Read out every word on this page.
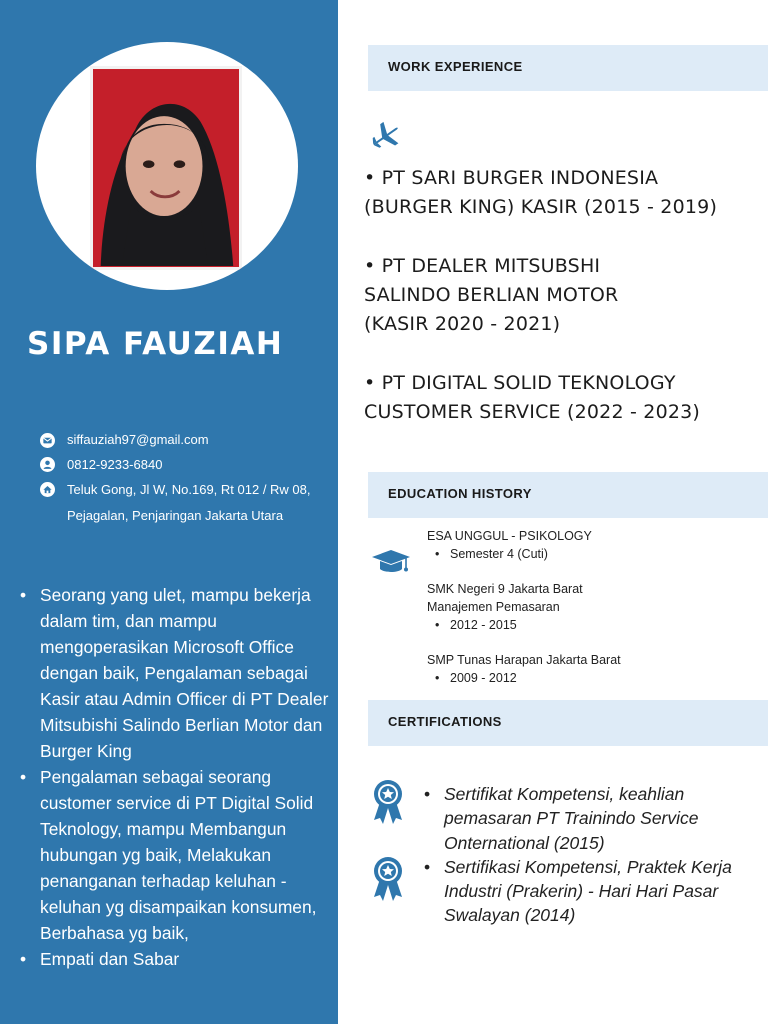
SIPA FAUZIAH
siffauziah97@gmail.com
0812-9233-6840
Teluk Gong, Jl W, No.169, Rt 012 / Rw 08,
Pejagalan, Penjaringan Jakarta Utara
• Seorang yang ulet, mampu bekerja dalam tim, dan mampu mengoperasikan Microsoft Office dengan baik, Pengalaman sebagai Kasir atau Admin Officer di PT Dealer Mitsubishi Salindo Berlian Motor dan Burger King
• Pengalaman sebagai seorang customer service di PT Digital Solid Teknology, mampu Membangun hubungan yg baik, Melakukan penanganan terhadap keluhan - keluhan yg disampaikan konsumen, Berbahasa yg baik,
• Empati dan Sabar
WORK EXPERIENCE
• PT SARI BURGER INDONESIA
(BURGER KING) KASIR (2015 - 2019)
• PT DEALER MITSUBSHI
SALINDO BERLIAN MOTOR
(KASIR 2020 - 2021)
• PT DIGITAL SOLID TEKNOLOGY
CUSTOMER SERVICE (2022 - 2023)
EDUCATION HISTORY
ESA UNGGUL - PSIKOLOGY
• Semester 4 (Cuti)
SMK Negeri 9 Jakarta Barat
Manajemen Pemasaran
• 2012 - 2015
SMP Tunas Harapan Jakarta Barat
• 2009 - 2012
CERTIFICATIONS
• Sertifikat Kompetensi, keahlian pemasaran PT Trainindo Service Onternational (2015)
• Sertifikasi Kompetensi, Praktek Kerja Industri (Prakerin) - Hari Hari Pasar Swalayan (2014)
